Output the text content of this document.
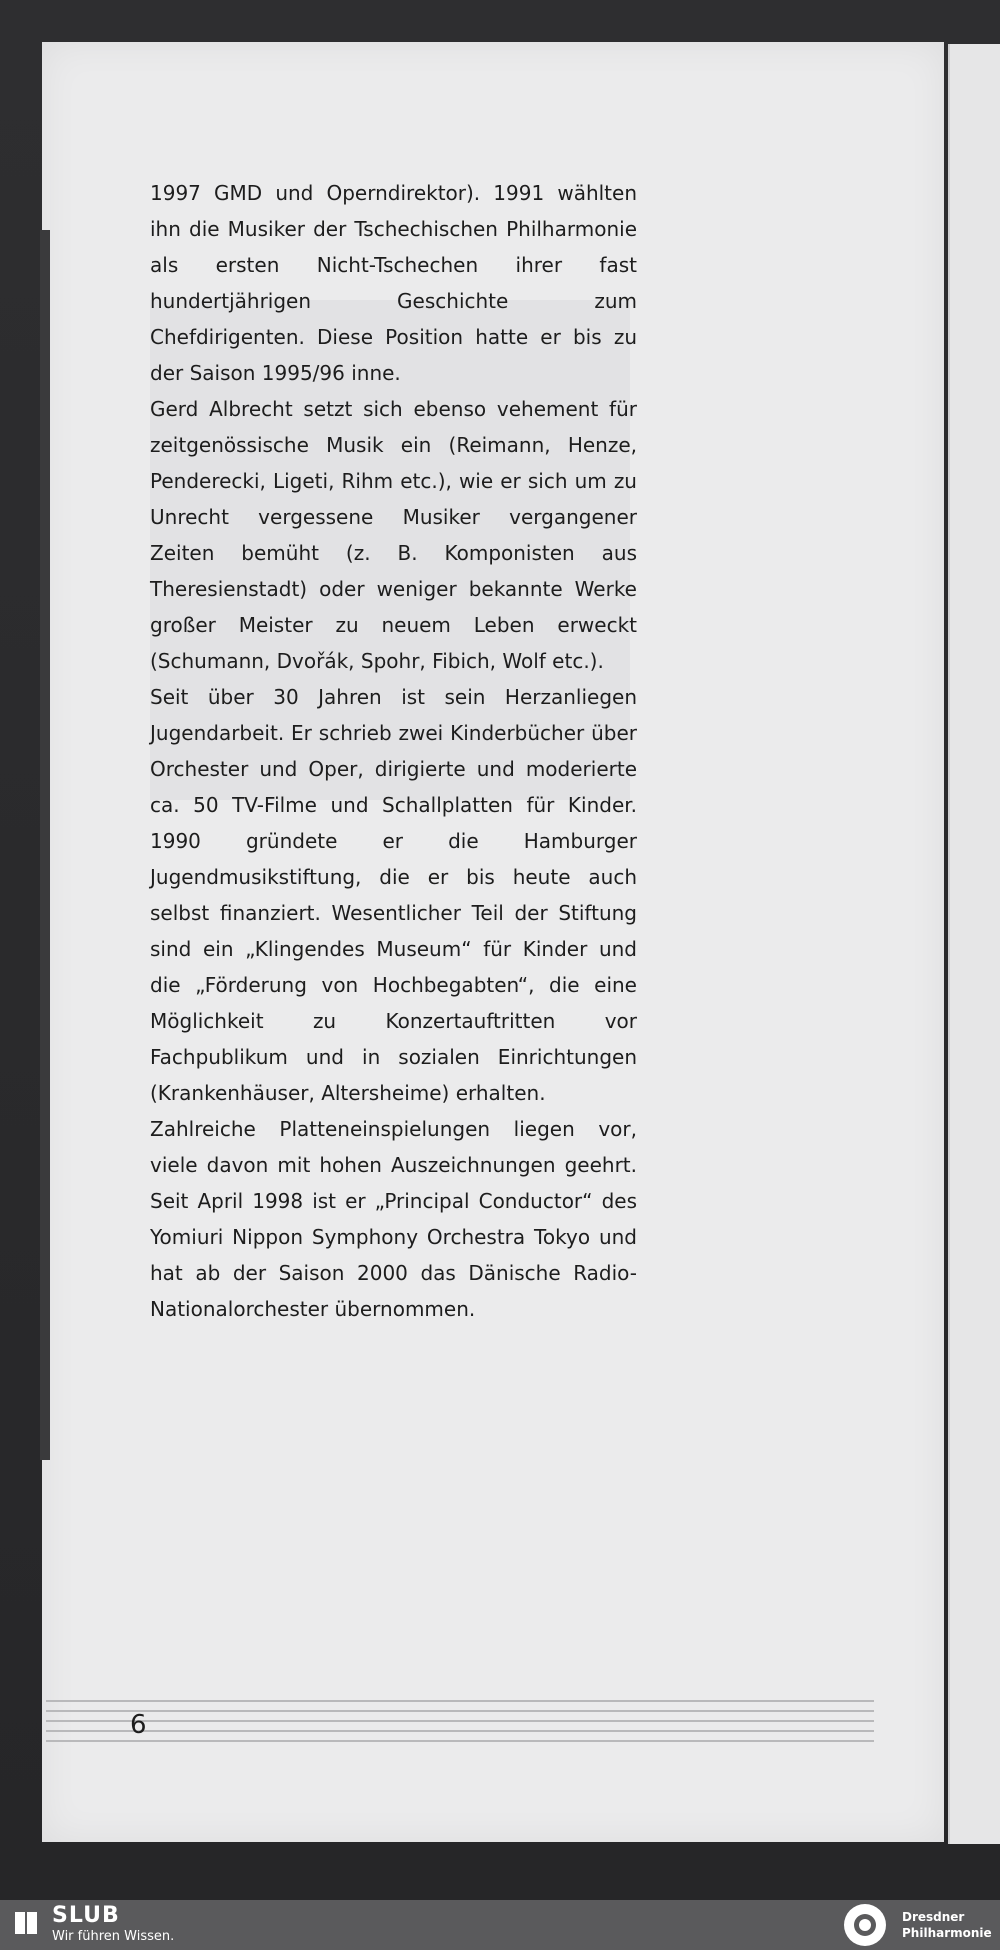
1997 GMD und Operndirektor). 1991 wählten ihn die Musiker der Tschechischen Philharmonie als ersten Nicht-Tschechen ihrer fast hundertjährigen Geschichte zum Chefdirigenten. Diese Position hatte er bis zu der Saison 1995/96 inne.

Gerd Albrecht setzt sich ebenso vehement für zeitgenössische Musik ein (Reimann, Henze, Penderecki, Ligeti, Rihm etc.), wie er sich um zu Unrecht vergessene Musiker vergangener Zeiten bemüht (z. B. Komponisten aus Theresienstadt) oder weniger bekannte Werke großer Meister zu neuem Leben erweckt (Schumann, Dvořák, Spohr, Fibich, Wolf etc.).

Seit über 30 Jahren ist sein Herzanliegen Jugendarbeit. Er schrieb zwei Kinderbücher über Orchester und Oper, dirigierte und moderierte ca. 50 TV-Filme und Schallplatten für Kinder. 1990 gründete er die Hamburger Jugendmusikstiftung, die er bis heute auch selbst finanziert. Wesentlicher Teil der Stiftung sind ein „Klingendes Museum“ für Kinder und die „Förderung von Hochbegabten“, die eine Möglichkeit zu Konzertauftritten vor Fachpublikum und in sozialen Einrichtungen (Krankenhäuser, Altersheime) erhalten.

Zahlreiche Platteneinspielungen liegen vor, viele davon mit hohen Auszeichnungen geehrt. Seit April 1998 ist er „Principal Conductor“ des Yomiuri Nippon Symphony Orchestra Tokyo und hat ab der Saison 2000 das Dänische Radio-Nationalorchester übernommen.

6
SLUB
Wir führen Wissen.
Dresdner
Philharmonie
